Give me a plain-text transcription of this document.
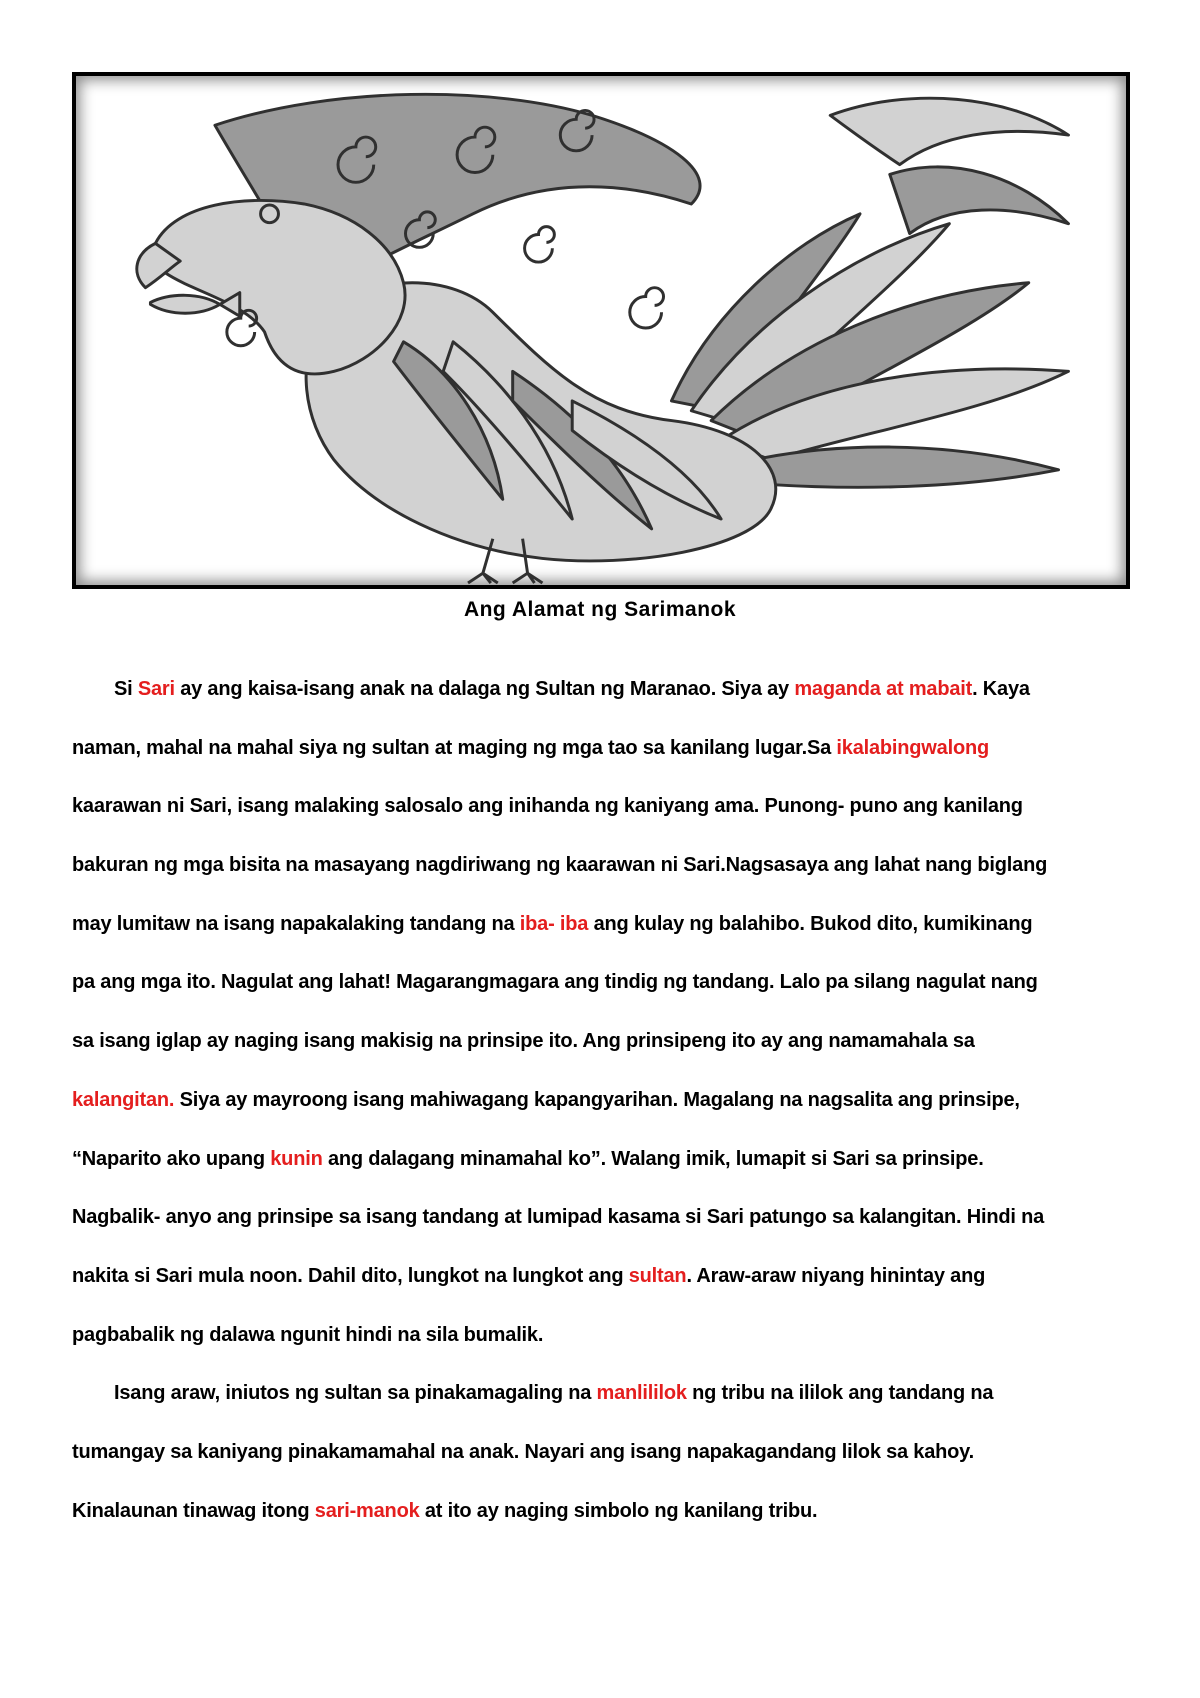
Ang Alamat ng Sarimanok
Si Sari ay ang kaisa-isang anak na dalaga ng Sultan ng Maranao. Siya ay maganda at mabait. Kaya
naman, mahal na mahal siya ng sultan at maging ng mga tao sa kanilang lugar.Sa ikalabingwalong
kaarawan ni Sari, isang malaking salosalo ang inihanda ng kaniyang ama. Punong- puno ang kanilang
bakuran ng mga bisita na masayang nagdiriwang ng kaarawan ni Sari.Nagsasaya ang lahat nang biglang
may lumitaw na isang napakalaking tandang na iba- iba ang kulay ng balahibo. Bukod dito, kumikinang
pa ang mga ito. Nagulat ang lahat! Magarangmagara ang tindig ng tandang. Lalo pa silang nagulat nang
sa isang iglap ay naging isang makisig na prinsipe ito. Ang prinsipeng ito ay ang namamahala sa
kalangitan. Siya ay mayroong isang mahiwagang kapangyarihan. Magalang na nagsalita ang prinsipe,
“Naparito ako upang kunin ang dalagang minamahal ko”. Walang imik, lumapit si Sari sa prinsipe.
Nagbalik- anyo ang prinsipe sa isang tandang at lumipad kasama si Sari patungo sa kalangitan. Hindi na
nakita si Sari mula noon. Dahil dito, lungkot na lungkot ang sultan. Araw-araw niyang hinintay ang
pagbabalik ng dalawa ngunit hindi na sila bumalik.
Isang araw, iniutos ng sultan sa pinakamagaling na manlililok ng tribu na ililok ang tandang na
tumangay sa kaniyang pinakamamahal na anak. Nayari ang isang napakagandang lilok sa kahoy.
Kinalaunan tinawag itong sari-manok at ito ay naging simbolo ng kanilang tribu.
